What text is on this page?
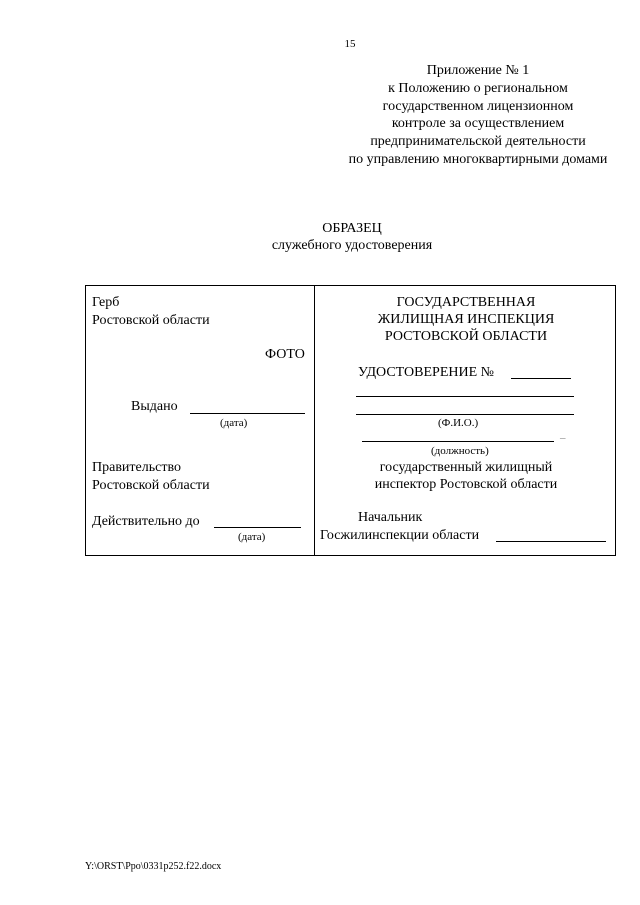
15
Приложение № 1
к Положению о региональном
государственном лицензионном
контроле за осуществлением
предпринимательской деятельности
по управлению многоквартирными домами
ОБРАЗЕЦ
служебного удостоверения
Герб
Ростовской области
ФОТО
Выдано
(дата)
Правительство
Ростовской области
Действительно до
(дата)
ГОСУДАРСТВЕННАЯ
ЖИЛИЩНАЯ ИНСПЕКЦИЯ
РОСТОВСКОЙ ОБЛАСТИ
УДОСТОВЕРЕНИЕ №
(Ф.И.О.)
–
(должность)
государственный жилищный
инспектор Ростовской области
Начальник
Госжилинспекции области
Y:\ORST\Ppo\0331p252.f22.docx
